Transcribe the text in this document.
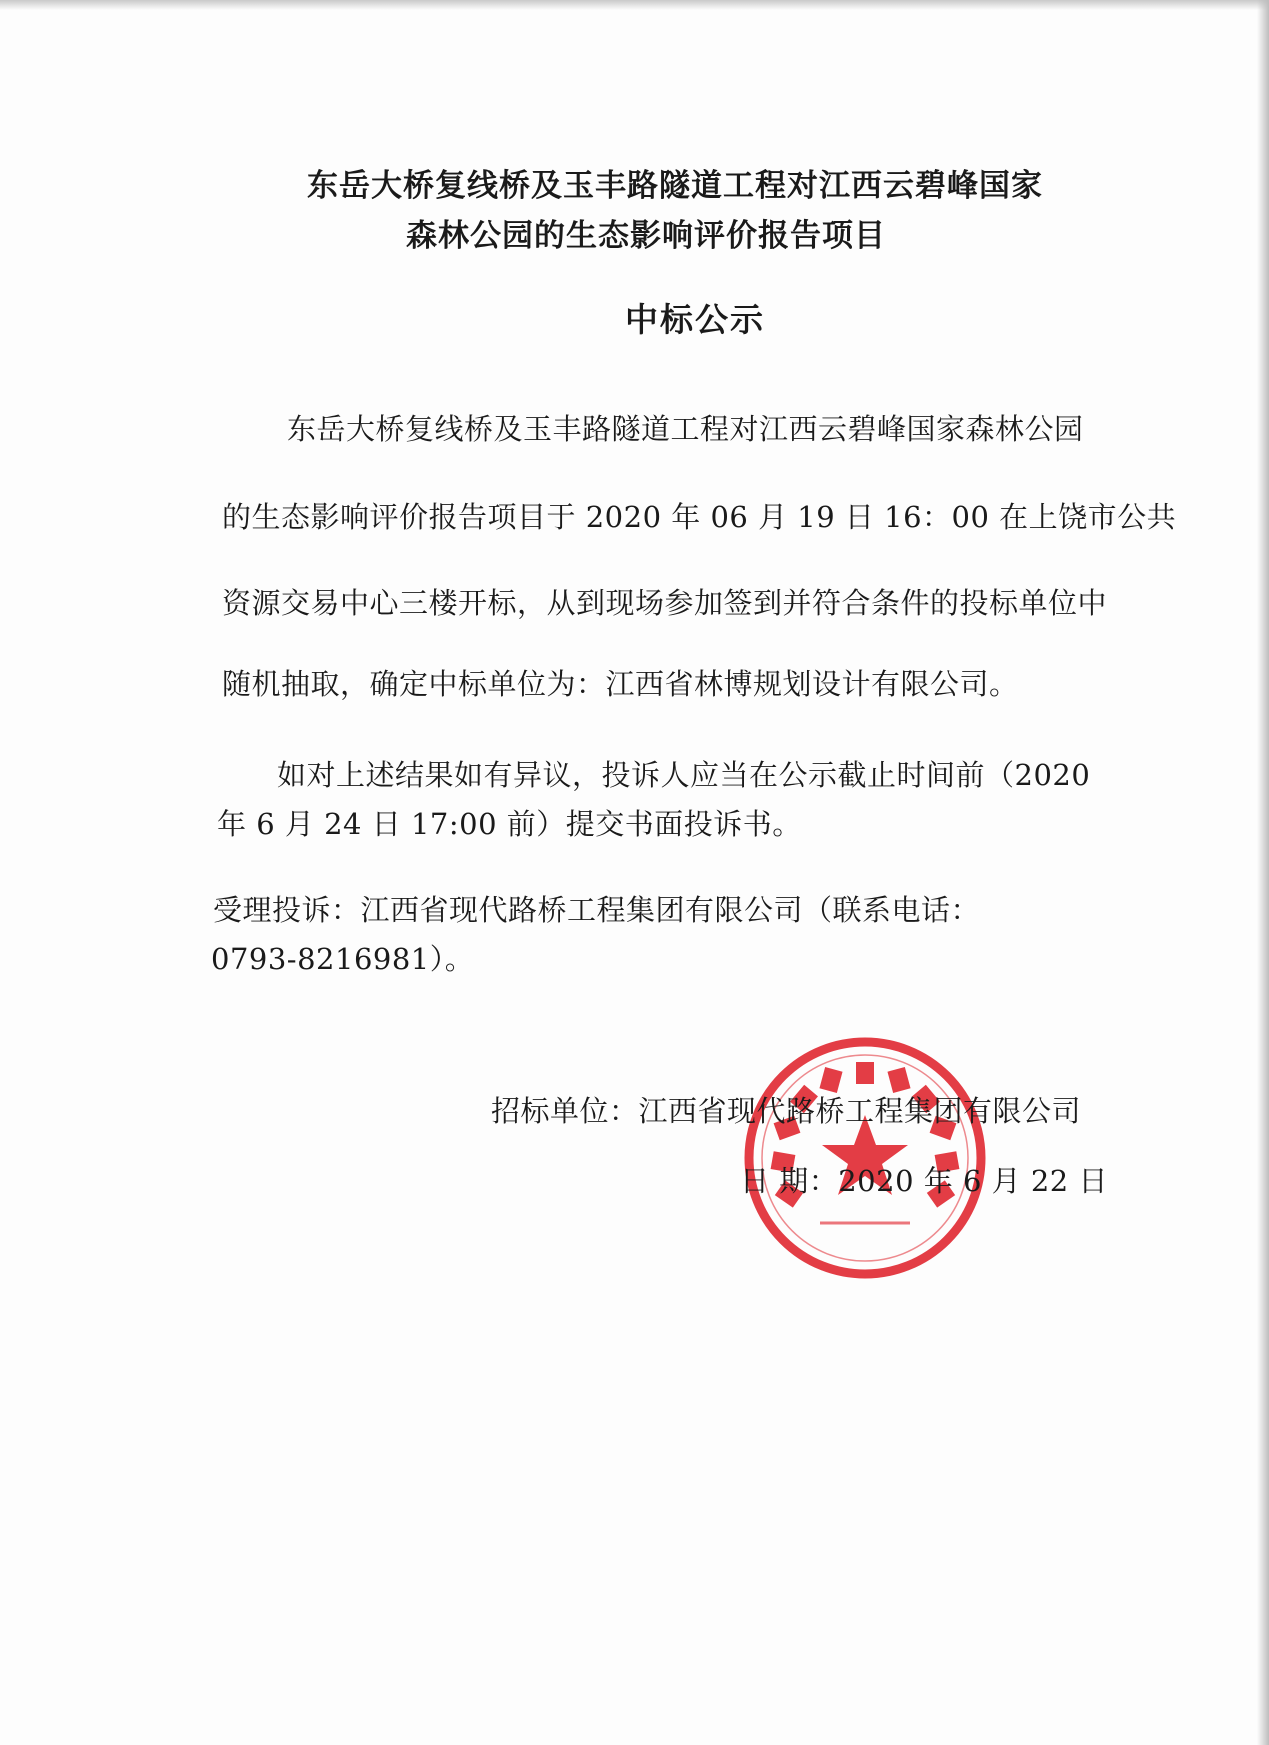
东岳大桥复线桥及玉丰路隧道工程对江西云碧峰国家
森林公园的生态影响评价报告项目
中标公示
东岳大桥复线桥及玉丰路隧道工程对江西云碧峰国家森林公园
的生态影响评价报告项目于 2020 年 06 月 19 日 16：00 在上饶市公共
资源交易中心三楼开标，从到现场参加签到并符合条件的投标单位中
随机抽取，确定中标单位为：江西省林博规划设计有限公司。
如对上述结果如有异议，投诉人应当在公示截止时间前（2020
年 6 月 24 日 17:00 前）提交书面投诉书。
受理投诉：江西省现代路桥工程集团有限公司（联系电话：
0793-8216981）。
招标单位：江西省现代路桥工程集团有限公司
日 期：2020 年 6 月 22 日
